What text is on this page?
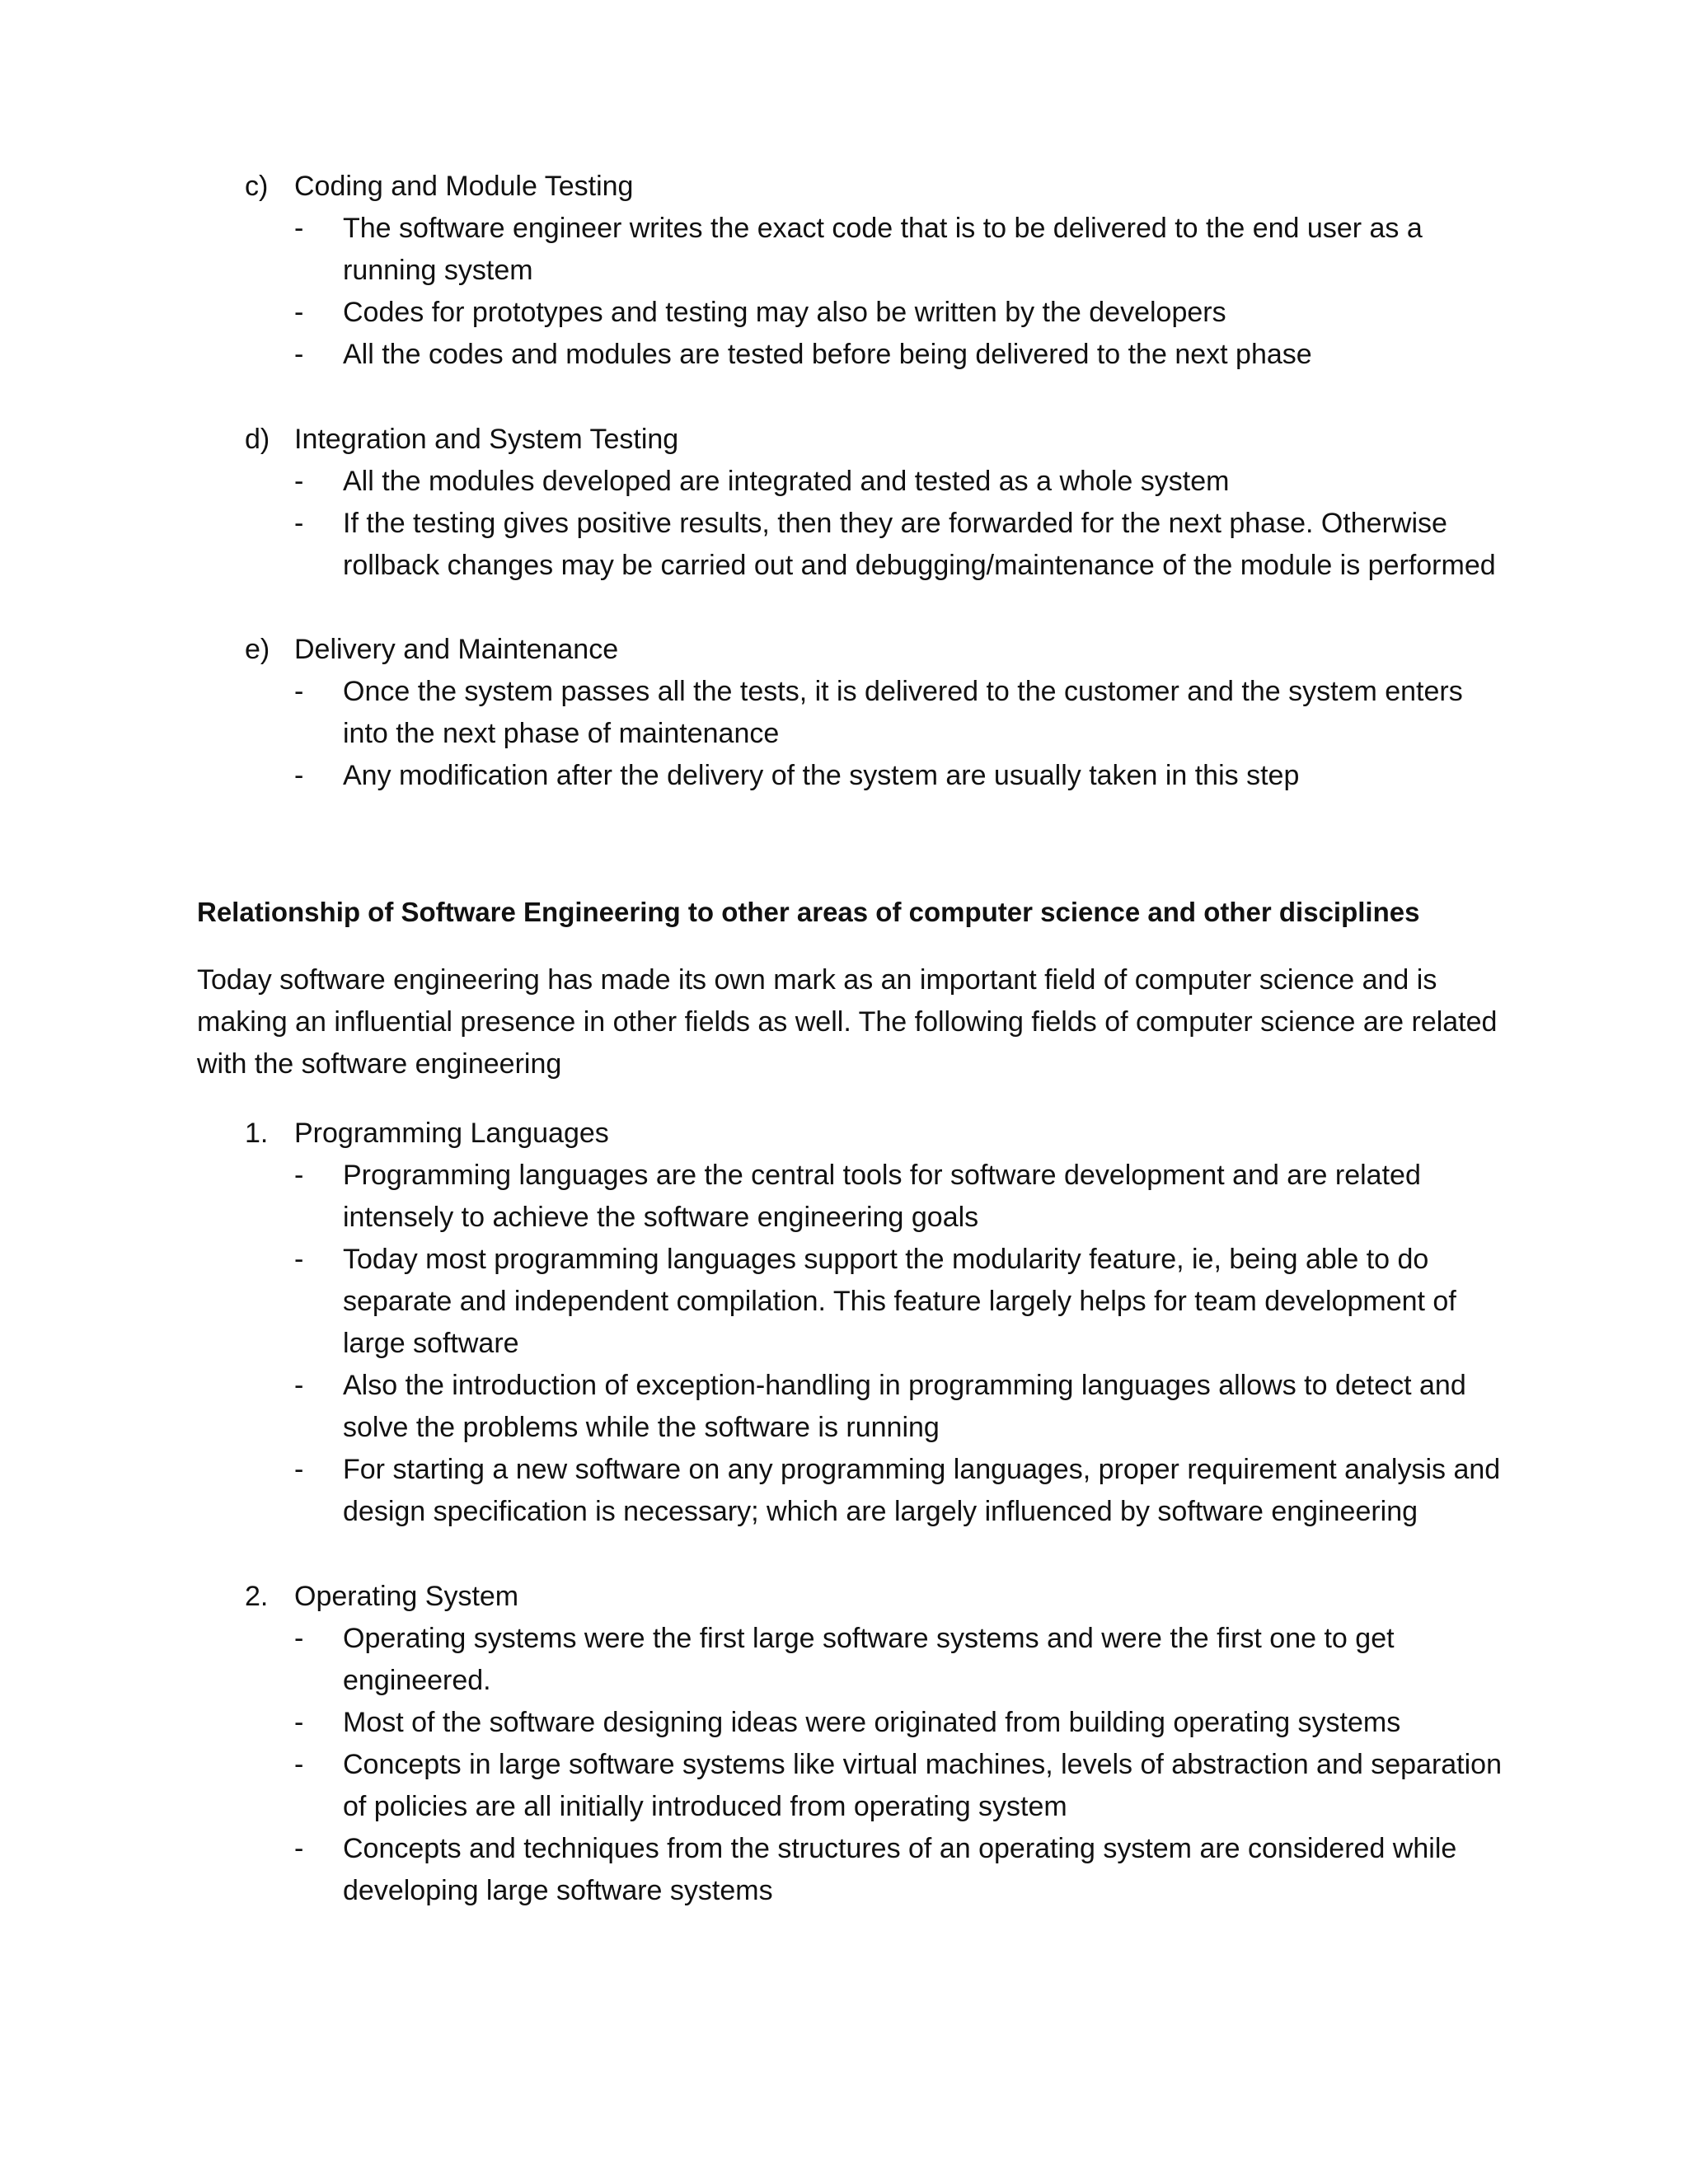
c) Coding and Module Testing
- The software engineer writes the exact code that is to be delivered to the end user as a running system
- Codes for prototypes and testing may also be written by the developers
- All the codes and modules are tested before being delivered to the next phase
d) Integration and System Testing
- All the modules developed are integrated and tested as a whole system
- If the testing gives positive results, then they are forwarded for the next phase. Otherwise rollback changes may be carried out and debugging/maintenance of the module is performed
e) Delivery and Maintenance
- Once the system passes all the tests, it is delivered to the customer and the system enters into the next phase of maintenance
- Any modification after the delivery of the system are usually taken in this step
Relationship of Software Engineering to other areas of computer science and other disciplines
Today software engineering has made its own mark as an important field of computer science and is making an influential presence in other fields as well. The following fields of computer science are related with the software engineering
1. Programming Languages
- Programming languages are the central tools for software development and are related intensely to achieve the software engineering goals
- Today most programming languages support the modularity feature, ie, being able to do separate and independent compilation. This feature largely helps for team development of large software
- Also the introduction of exception-handling in programming languages allows to detect and solve the problems while the software is running
- For starting a new software on any programming languages, proper requirement analysis and design specification is necessary; which are largely influenced by software engineering
2. Operating System
- Operating systems were the first large software systems and were the first one to get engineered.
- Most of the software designing ideas were originated from building operating systems
- Concepts in large software systems like virtual machines, levels of abstraction and separation of policies are all initially introduced from operating system
- Concepts and techniques from the structures of an operating system are considered while developing large software systems
